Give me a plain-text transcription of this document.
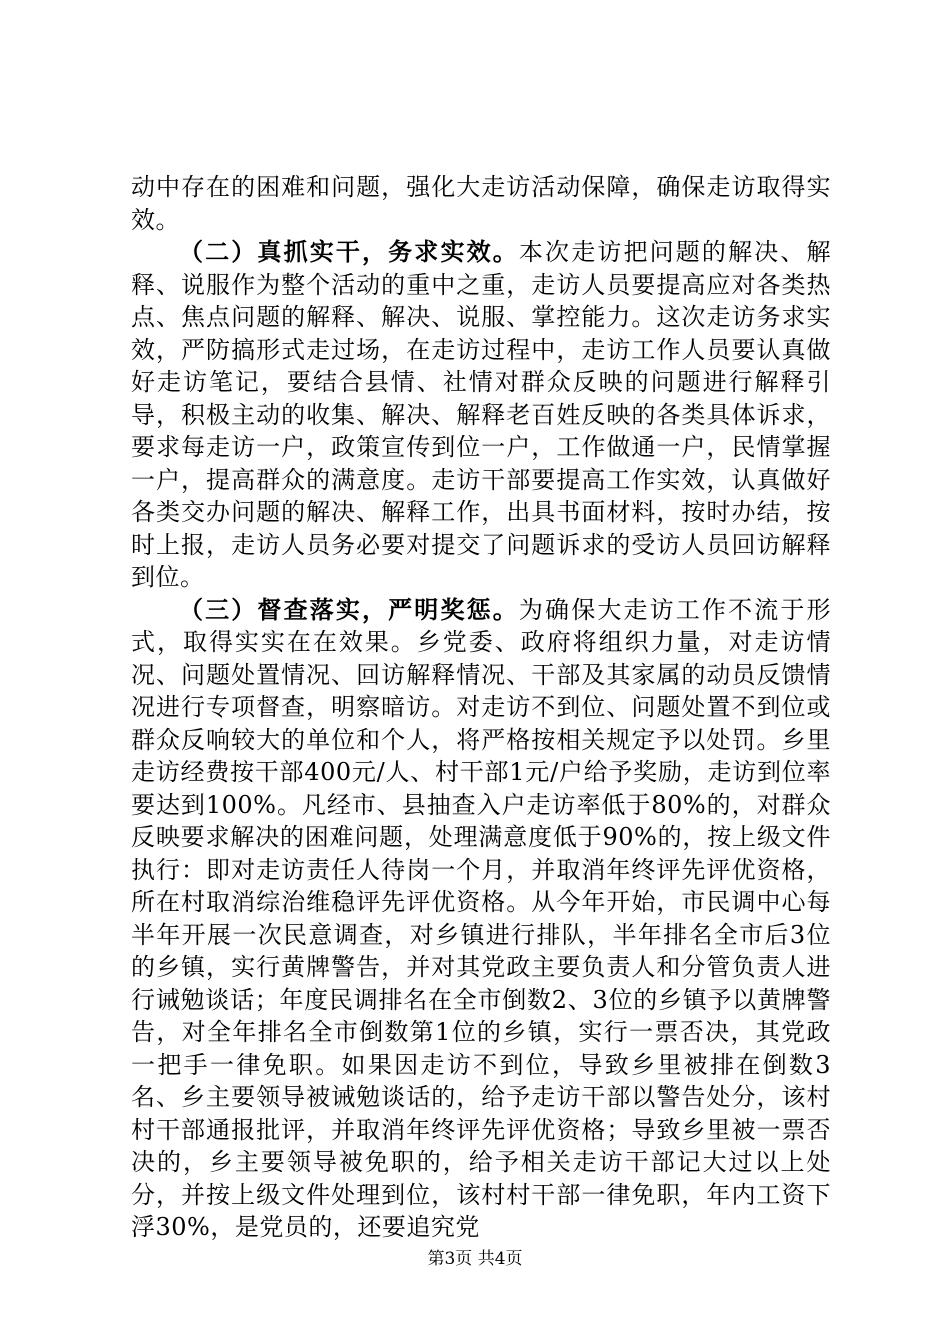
动中存在的困难和问题，强化大走访活动保障，确保走访取得实效。

（二）真抓实干，务求实效。本次走访把问题的解决、解释、说服作为整个活动的重中之重，走访人员要提高应对各类热点、焦点问题的解释、解决、说服、掌控能力。这次走访务求实效，严防搞形式走过场，在走访过程中，走访工作人员要认真做好走访笔记，要结合县情、社情对群众反映的问题进行解释引导，积极主动的收集、解决、解释老百姓反映的各类具体诉求，要求每走访一户，政策宣传到位一户，工作做通一户，民情掌握一户，提高群众的满意度。走访干部要提高工作实效，认真做好各类交办问题的解决、解释工作，出具书面材料，按时办结，按时上报，走访人员务必要对提交了问题诉求的受访人员回访解释到位。

（三）督查落实，严明奖惩。为确保大走访工作不流于形式，取得实实在在效果。乡党委、政府将组织力量，对走访情况、问题处置情况、回访解释情况、干部及其家属的动员反馈情况进行专项督查，明察暗访。对走访不到位、问题处置不到位或群众反响较大的单位和个人，将严格按相关规定予以处罚。乡里走访经费按干部400元/人、村干部1元/户给予奖励，走访到位率要达到100%。凡经市、县抽查入户走访率低于80%的，对群众反映要求解决的困难问题，处理满意度低于90%的，按上级文件执行：即对走访责任人待岗一个月，并取消年终评先评优资格，所在村取消综治维稳评先评优资格。从今年开始，市民调中心每半年开展一次民意调查，对乡镇进行排队，半年排名全市后3位的乡镇，实行黄牌警告，并对其党政主要负责人和分管负责人进行诫勉谈话；年度民调排名在全市倒数2、3位的乡镇予以黄牌警告，对全年排名全市倒数第1位的乡镇，实行一票否决，其党政一把手一律免职。如果因走访不到位，导致乡里被排在倒数3名、乡主要领导被诫勉谈话的，给予走访干部以警告处分，该村村干部通报批评，并取消年终评先评优资格；导致乡里被一票否决的，乡主要领导被免职的，给予相关走访干部记大过以上处分，并按上级文件处理到位，该村村干部一律免职，年内工资下浮30%，是党员的，还要追究党

第3页 共4页
